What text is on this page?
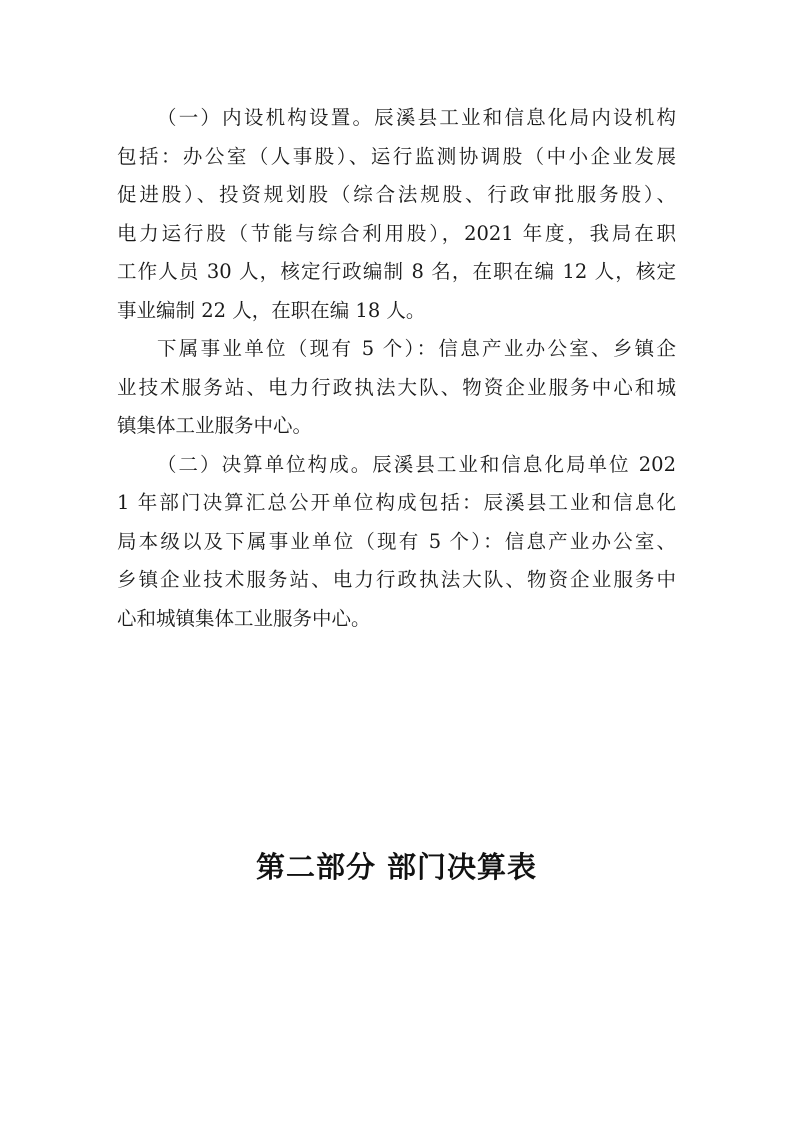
（一）内设机构设置。辰溪县工业和信息化局内设机构
包括：办公室（人事股）、运行监测协调股（中小企业发展
促进股）、投资规划股（综合法规股、行政审批服务股）、
电力运行股（节能与综合利用股），2021 年度，我局在职
工作人员 30 人，核定行政编制 8 名，在职在编 12 人，核定
事业编制 22 人，在职在编 18 人。
下属事业单位（现有 5 个）：信息产业办公室、乡镇企
业技术服务站、电力行政执法大队、物资企业服务中心和城
镇集体工业服务中心。
（二）决算单位构成。辰溪县工业和信息化局单位 202
1 年部门决算汇总公开单位构成包括：辰溪县工业和信息化
局本级以及下属事业单位（现有 5 个）：信息产业办公室、
乡镇企业技术服务站、电力行政执法大队、物资企业服务中
心和城镇集体工业服务中心。
第二部分 部门决算表
